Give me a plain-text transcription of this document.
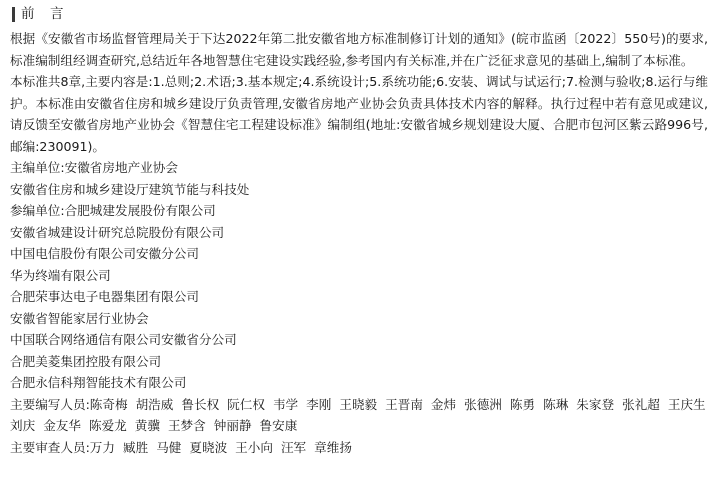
前　言

根据《安徽省市场监督管理局关于下达2022年第二批安徽省地方标准制修订计划的通知》(皖市监函〔2022〕550号)的要求,标准编制组经调查研究,总结近年各地智慧住宅建设实践经验,参考国内有关标准,并在广泛征求意见的基础上,编制了本标准。

本标准共8章,主要内容是:1.总则;2.术语;3.基本规定;4.系统设计;5.系统功能;6.安装、调试与试运行;7.检测与验收;8.运行与维护。本标准由安徽省住房和城乡建设厅负责管理,安徽省房地产业协会负责具体技术内容的解释。执行过程中若有意见或建议,请反馈至安徽省房地产业协会《智慧住宅工程建设标准》编制组(地址:安徽省城乡规划建设大厦、合肥市包河区紫云路996号,邮编:230091)。

主编单位:安徽省房地产业协会
安徽省住房和城乡建设厅建筑节能与科技处
参编单位:合肥城建发展股份有限公司
安徽省城建设计研究总院股份有限公司
中国电信股份有限公司安徽分公司
华为终端有限公司
合肥荣事达电子电器集团有限公司
安徽省智能家居行业协会
中国联合网络通信有限公司安徽省分公司
合肥美菱集团控股有限公司
合肥永信科翔智能技术有限公司
主要编写人员:陈奇梅  胡浩威  鲁长权  阮仁权  韦学  李刚  王晓毅  王晋南  金炜  张德洲  陈勇  陈琳  朱家登  张礼超  王庆生
刘庆  金友华  陈爱龙  黄骥  王梦含  钟丽静  鲁安康
主要审查人员:万力  臧胜  马健  夏晓波  王小向  汪军  章维扬
